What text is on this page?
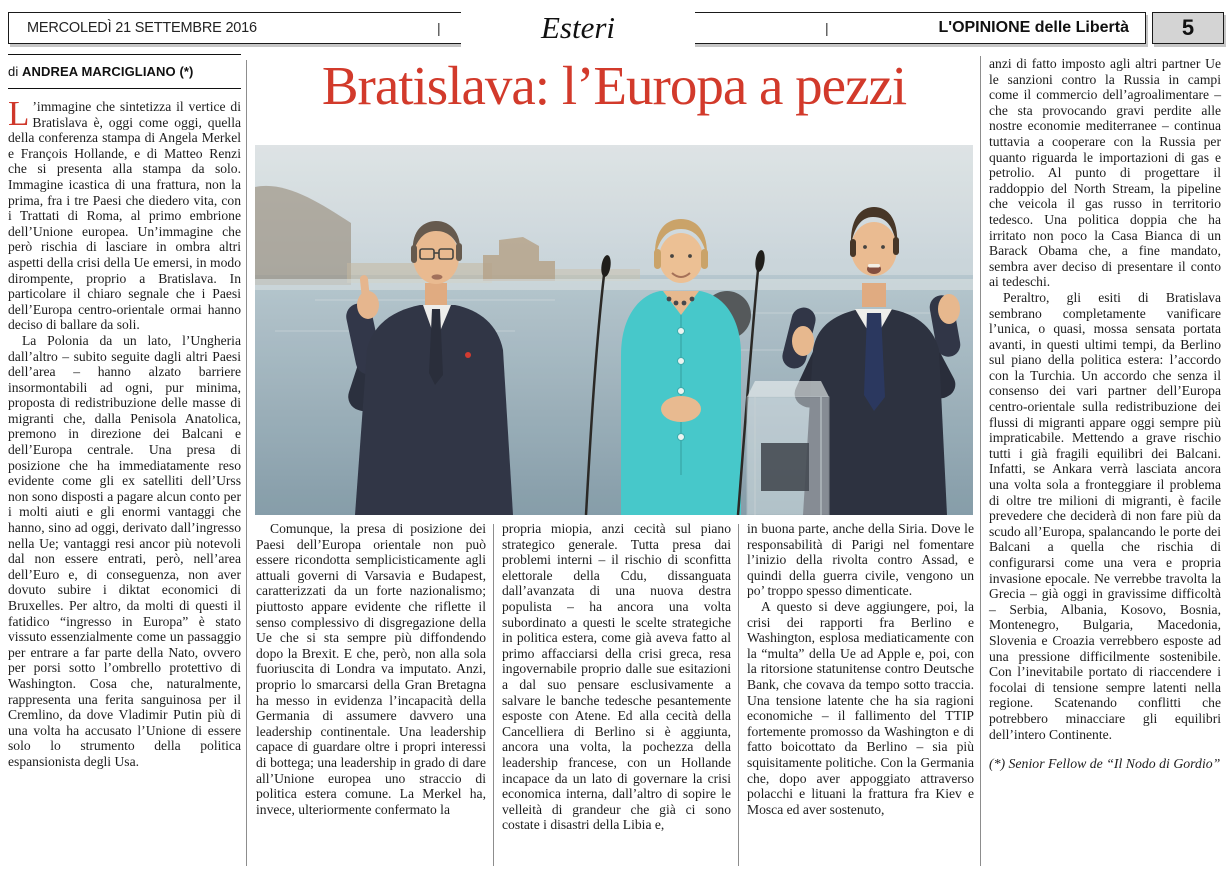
MERCOLEDÌ 21 SETTEMBRE 2016	|	Esteri	|	L'OPINIONE delle Libertà	5
di ANDREA MARCIGLIANO (*)	Bratislava: l’Europa a pezzi

L ’immagine che sintetizza il vertice di Bratislava è, oggi come oggi, quella della conferenza stampa di Angela Merkel e François Hollande, e di Matteo Renzi che si presenta alla stampa da solo. Immagine icastica di una frattura, non la prima, fra i tre Paesi che diedero vita, con i Trattati di Roma, al primo embrione dell’Unione europea. Un’immagine che però rischia di lasciare in ombra altri aspetti della crisi della Ue emersi, in modo dirompente, proprio a Bratislava. In particolare il chiaro segnale che i Paesi dell’Europa centro-orientale ormai hanno deciso di ballare da soli.

La Polonia da un lato, l’Ungheria dall’altro – subito seguite dagli altri Paesi dell’area – hanno alzato barriere insormontabili ad ogni, pur minima, proposta di redistribuzione delle masse di migranti che, dalla Penisola Anatolica, premono in direzione dei Balcani e dell’Europa centrale. Una presa di posizione che ha immediatamente reso evidente come gli ex satelliti dell’Urss non sono disposti a pagare alcun conto per i molti aiuti e gli enormi vantaggi che hanno, sino ad oggi, derivato dall’ingresso nella Ue; vantaggi resi ancor più notevoli dal non essere entrati, però, nell’area dell’Euro e, di conseguenza, non aver dovuto subire i diktat economici di Bruxelles. Per altro, da molti di questi il fatidico “ingresso in Europa” è stato vissuto essenzialmente come un passaggio per entrare a far parte della Nato, ovvero per porsi sotto l’ombrello protettivo di Washington. Cosa che, naturalmente, rappresenta una ferita sanguinosa per il Cremlino, da dove Vladimir Putin più di una volta ha accusato l’Unione di essere solo lo strumento della politica espansionista degli Usa.

Comunque, la presa di posizione dei Paesi dell’Europa orientale non può essere ricondotta semplicisticamente agli attuali governi di Varsavia e Budapest, caratterizzati da un forte nazionalismo; piuttosto appare evidente che riflette il senso complessivo di disgregazione della Ue che si sta sempre più diffondendo dopo la Brexit. E che, però, non alla sola fuoriuscita di Londra va imputato. Anzi, proprio lo smarcarsi della Gran Bretagna ha messo in evidenza l’incapacità della Germania di assumere davvero una leadership continentale. Una leadership capace di guardare oltre i propri interessi di bottega; una leadership in grado di dare all’Unione europea uno straccio di politica estera comune. La Merkel ha, invece, ulteriormente confermato la

propria miopia, anzi cecità sul piano strategico generale. Tutta presa dai problemi interni – il rischio di sconfitta elettorale della Cdu, dissanguata dall’avanzata di una nuova destra populista – ha ancora una volta subordinato a questi le scelte strategiche in politica estera, come già aveva fatto al primo affacciarsi della crisi greca, resa ingovernabile proprio dalle sue esitazioni a dal suo pensare esclusivamente a salvare le banche tedesche pesantemente esposte con Atene. Ed alla cecità della Cancelliera di Berlino si è aggiunta, ancora una volta, la pochezza della leadership francese, con un Hollande incapace da un lato di governare la crisi economica interna, dall’altro di sopire le velleità di grandeur che già ci sono costate i disastri della Libia e,

in buona parte, anche della Siria. Dove le responsabilità di Parigi nel fomentare l’inizio della rivolta contro Assad, e quindi della guerra civile, vengono un po’ troppo spesso dimenticate.

A questo si deve aggiungere, poi, la crisi dei rapporti fra Berlino e Washington, esplosa mediaticamente con la “multa” della Ue ad Apple e, poi, con la ritorsione statunitense contro Deutsche Bank, che covava da tempo sotto traccia. Una tensione latente che ha sia ragioni economiche – il fallimento del TTIP fortemente promosso da Washington e di fatto boicottato da Berlino – sia più squisitamente politiche. Con la Germania che, dopo aver appoggiato attraverso polacchi e lituani la frattura fra Kiev e Mosca ed aver sostenuto,

anzi di fatto imposto agli altri partner Ue le sanzioni contro la Russia in campi come il commercio dell’agroalimentare – che sta provocando gravi perdite alle nostre economie mediterranee – continua tuttavia a cooperare con la Russia per quanto riguarda le importazioni di gas e petrolio. Al punto di progettare il raddoppio del North Stream, la pipeline che veicola il gas russo in territorio tedesco. Una politica doppia che ha irritato non poco la Casa Bianca di un Barack Obama che, a fine mandato, sembra aver deciso di presentare il conto ai tedeschi.

Peraltro, gli esiti di Bratislava sembrano completamente vanificare l’unica, o quasi, mossa sensata portata avanti, in questi ultimi tempi, da Berlino sul piano della politica estera: l’accordo con la Turchia. Un accordo che senza il consenso dei vari partner dell’Europa centro-orientale sulla redistribuzione dei flussi di migranti appare oggi sempre più impraticabile. Mettendo a grave rischio tutti i già fragili equilibri dei Balcani. Infatti, se Ankara verrà lasciata ancora una volta sola a fronteggiare il problema di oltre tre milioni di migranti, è facile prevedere che deciderà di non fare più da scudo all’Europa, spalancando le porte dei Balcani a quella che rischia di configurarsi come una vera e propria invasione epocale. Ne verrebbe travolta la Grecia – già oggi in gravissime difficoltà – Serbia, Albania, Kosovo, Bosnia, Montenegro, Bulgaria, Macedonia, Slovenia e Croazia verrebbero esposte ad una pressione difficilmente sostenibile. Con l’inevitabile portato di riaccendere i focolai di tensione sempre latenti nella regione. Scatenando conflitti che potrebbero minacciare gli equilibri dell’intero Continente.

(*) Senior Fellow de “Il Nodo di Gordio”
